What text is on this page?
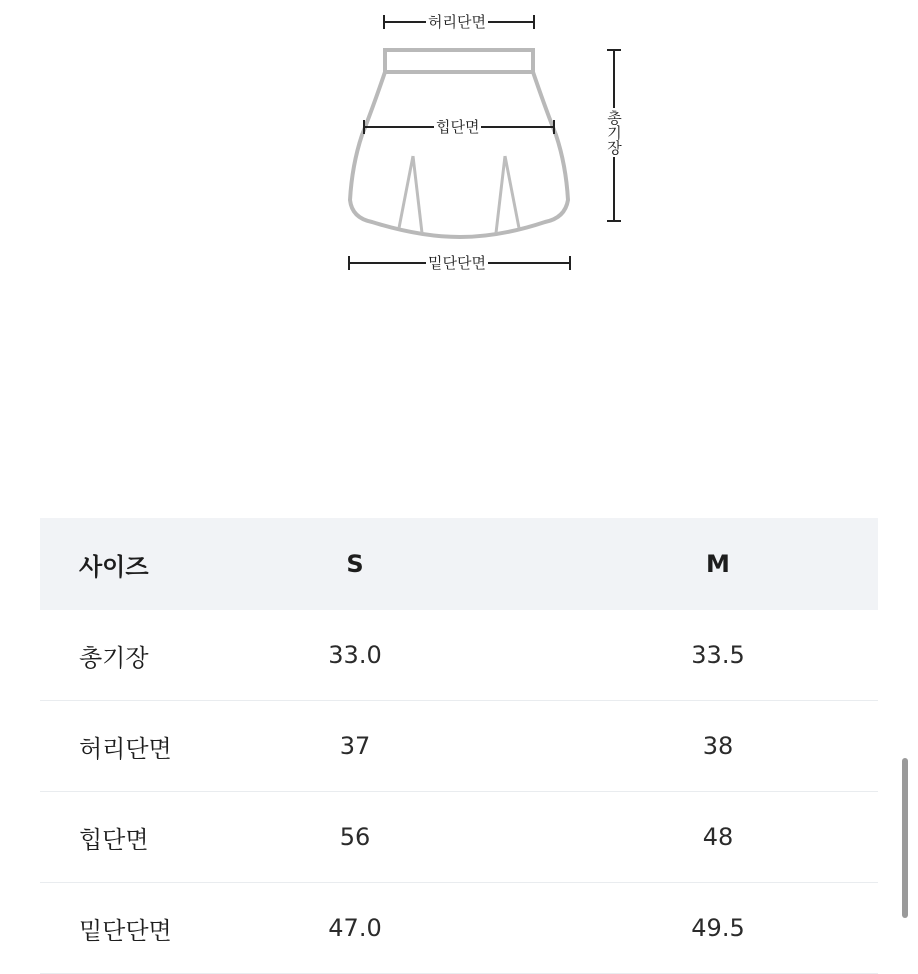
허리단면
힙단면
밑단단면
총기장
사이즈	S	M
총기장	33.0	33.5
허리단면	37	38
힙단면	56	48
밑단단면	47.0	49.5
